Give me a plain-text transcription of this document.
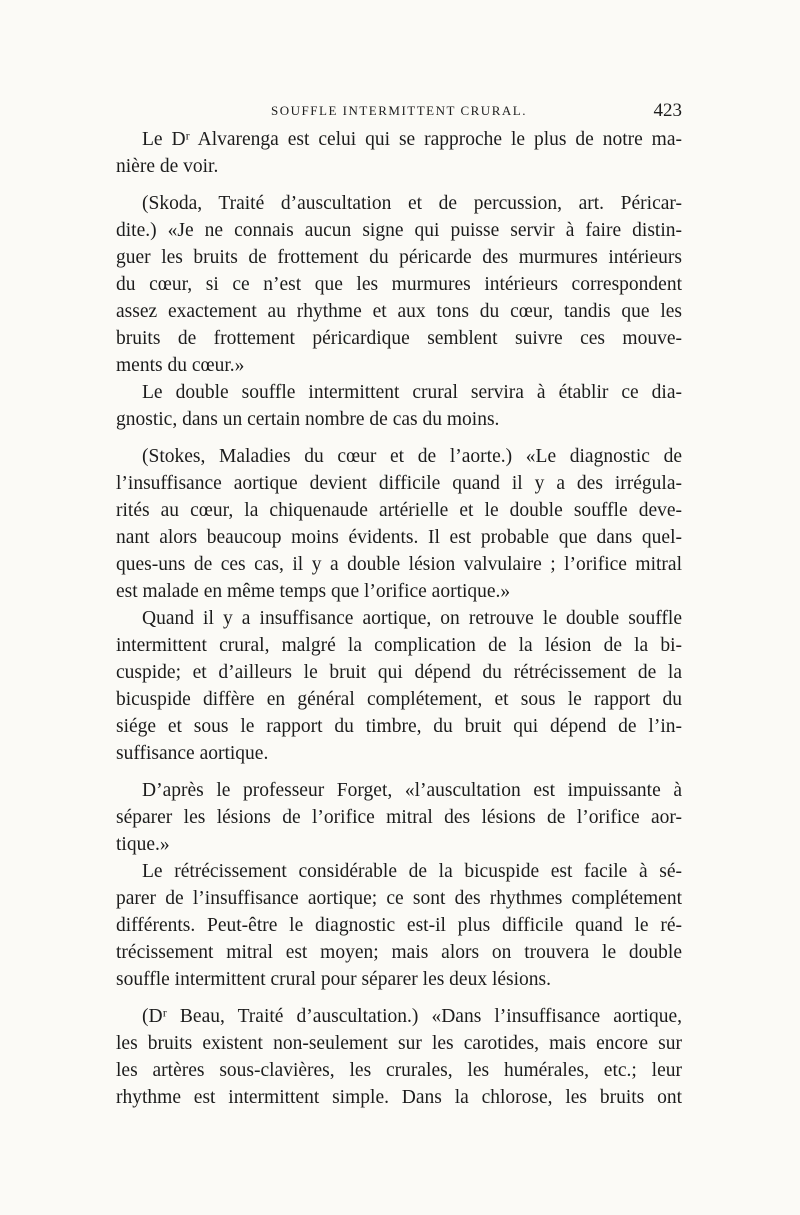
SOUFFLE INTERMITTENT CRURAL.	423
Le Dʳ Alvarenga est celui qui se rapproche le plus de notre ma-
nière de voir.
(Skoda, Traité d’auscultation et de percussion, art. Péricar-
dite.) «Je ne connais aucun signe qui puisse servir à faire distin-
guer les bruits de frottement du péricarde des murmures intérieurs
du cœur, si ce n’est que les murmures intérieurs correspondent
assez exactement au rhythme et aux tons du cœur, tandis que les
bruits de frottement péricardique semblent suivre ces mouve-
ments du cœur.»
Le double souffle intermittent crural servira à établir ce dia-
gnostic, dans un certain nombre de cas du moins.
(Stokes, Maladies du cœur et de l’aorte.) «Le diagnostic de
l’insuffisance aortique devient difficile quand il y a des irrégula-
rités au cœur, la chiquenaude artérielle et le double souffle deve-
nant alors beaucoup moins évidents. Il est probable que dans quel-
ques-uns de ces cas, il y a double lésion valvulaire ; l’orifice mitral
est malade en même temps que l’orifice aortique.»
Quand il y a insuffisance aortique, on retrouve le double souffle
intermittent crural, malgré la complication de la lésion de la bi-
cuspide; et d’ailleurs le bruit qui dépend du rétrécissement de la
bicuspide diffère en général complétement, et sous le rapport du
siége et sous le rapport du timbre, du bruit qui dépend de l’in-
suffisance aortique.
D’après le professeur Forget, «l’auscultation est impuissante à
séparer les lésions de l’orifice mitral des lésions de l’orifice aor-
tique.»
Le rétrécissement considérable de la bicuspide est facile à sé-
parer de l’insuffisance aortique; ce sont des rhythmes complétement
différents. Peut-être le diagnostic est-il plus difficile quand le ré-
trécissement mitral est moyen; mais alors on trouvera le double
souffle intermittent crural pour séparer les deux lésions.
(Dʳ Beau, Traité d’auscultation.) «Dans l’insuffisance aortique,
les bruits existent non-seulement sur les carotides, mais encore sur
les artères sous-clavières, les crurales, les humérales, etc.; leur
rhythme est intermittent simple. Dans la chlorose, les bruits ont
